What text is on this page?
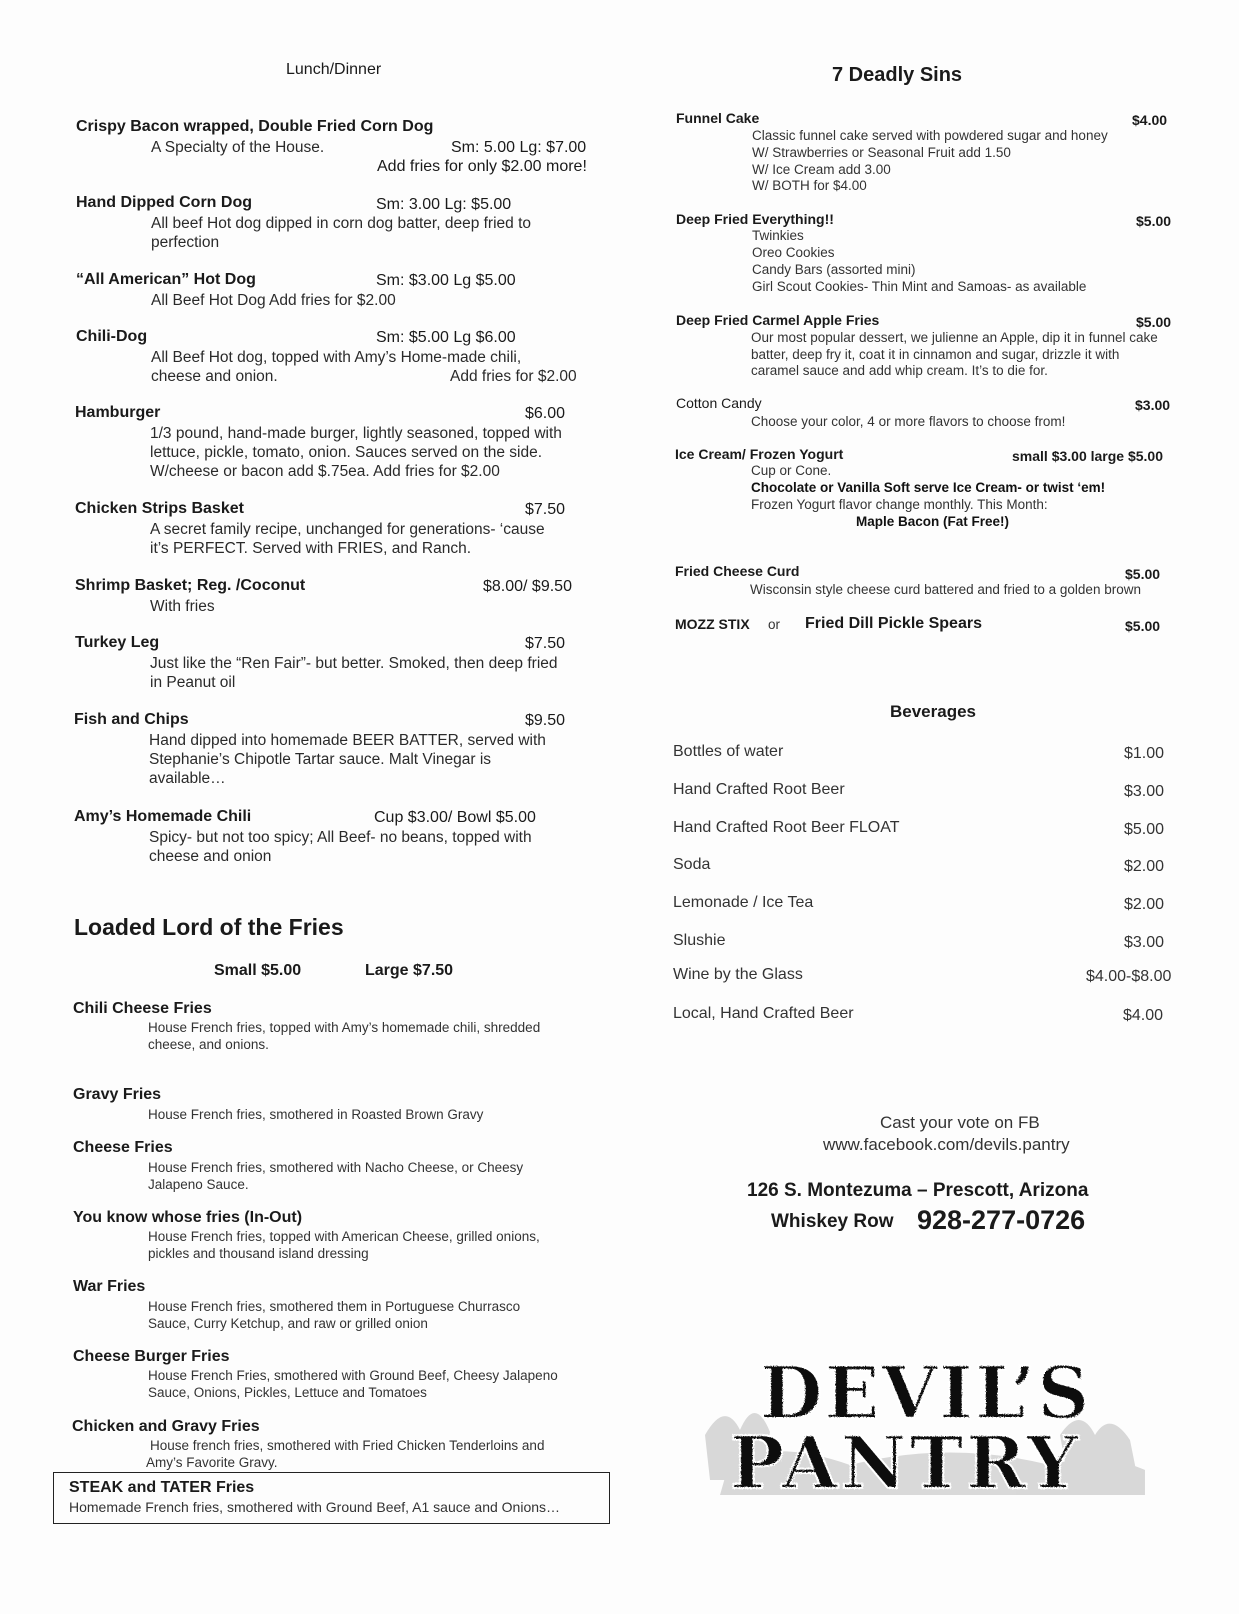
Lunch/Dinner
Crispy Bacon wrapped, Double Fried Corn Dog
A Specialty of the House.	Sm: 5.00 Lg: $7.00
Add fries for only $2.00 more!
Hand Dipped Corn Dog	Sm: 3.00 Lg: $5.00
All beef Hot dog dipped in corn dog batter, deep fried to
perfection
“All American” Hot Dog	Sm: $3.00 Lg $5.00
All Beef Hot Dog Add fries for $2.00
Chili-Dog	Sm: $5.00 Lg $6.00
All Beef Hot dog, topped with Amy’s Home-made chili,
cheese and onion.	Add fries for $2.00
Hamburger	$6.00
1/3 pound, hand-made burger, lightly seasoned, topped with
lettuce, pickle, tomato, onion. Sauces served on the side.
W/cheese or bacon add $.75ea. Add fries for $2.00
Chicken Strips Basket	$7.50
A secret family recipe, unchanged for generations- ‘cause
it’s PERFECT. Served with FRIES, and Ranch.
Shrimp Basket; Reg. /Coconut	$8.00/ $9.50
With fries
Turkey Leg	$7.50
Just like the “Ren Fair”- but better. Smoked, then deep fried
in Peanut oil
Fish and Chips	$9.50
Hand dipped into homemade BEER BATTER, served with
Stephanie’s Chipotle Tartar sauce. Malt Vinegar is
available…
Amy’s Homemade Chili	Cup $3.00/ Bowl $5.00
Spicy- but not too spicy; All Beef- no beans, topped with
cheese and onion
Loaded Lord of the Fries
Small $5.00	Large $7.50
Chili Cheese Fries
House French fries, topped with Amy’s homemade chili, shredded
cheese, and onions.
Gravy Fries
House French fries, smothered in Roasted Brown Gravy
Cheese Fries
House French fries, smothered with Nacho Cheese, or Cheesy
Jalapeno Sauce.
You know whose fries (In-Out)
House French fries, topped with American Cheese, grilled onions,
pickles and thousand island dressing
War Fries
House French fries, smothered them in Portuguese Churrasco
Sauce, Curry Ketchup, and raw or grilled onion
Cheese Burger Fries
House French Fries, smothered with Ground Beef, Cheesy Jalapeno
Sauce, Onions, Pickles, Lettuce and Tomatoes
Chicken and Gravy Fries
House french fries, smothered with Fried Chicken Tenderloins and
Amy’s Favorite Gravy.
STEAK and TATER Fries
Homemade French fries, smothered with Ground Beef, A1 sauce and Onions…
7 Deadly Sins
Funnel Cake	$4.00
Classic funnel cake served with powdered sugar and honey
W/ Strawberries or Seasonal Fruit add 1.50
W/ Ice Cream add 3.00
W/ BOTH for $4.00
Deep Fried Everything!!	$5.00
Twinkies
Oreo Cookies
Candy Bars (assorted mini)
Girl Scout Cookies- Thin Mint and Samoas- as available
Deep Fried Carmel Apple Fries	$5.00
Our most popular dessert, we julienne an Apple, dip it in funnel cake
batter, deep fry it, coat it in cinnamon and sugar, drizzle it with
caramel sauce and add whip cream. It’s to die for.
Cotton Candy	$3.00
Choose your color, 4 or more flavors to choose from!
Ice Cream/ Frozen Yogurt	small $3.00 large $5.00
Cup or Cone.
Chocolate or Vanilla Soft serve Ice Cream- or twist ‘em!
Frozen Yogurt flavor change monthly. This Month:
Maple Bacon (Fat Free!)
Fried Cheese Curd	$5.00
Wisconsin style cheese curd battered and fried to a golden brown
MOZZ STIX or Fried Dill Pickle Spears	$5.00
Beverages
Bottles of water	$1.00
Hand Crafted Root Beer	$3.00
Hand Crafted Root Beer FLOAT	$5.00
Soda	$2.00
Lemonade / Ice Tea	$2.00
Slushie	$3.00
Wine by the Glass	$4.00-$8.00
Local, Hand Crafted Beer	$4.00
Cast your vote on FB
www.facebook.com/devils.pantry
126 S. Montezuma – Prescott, Arizona
Whiskey Row 928-277-0726
DEVIL’S
PANTRY
